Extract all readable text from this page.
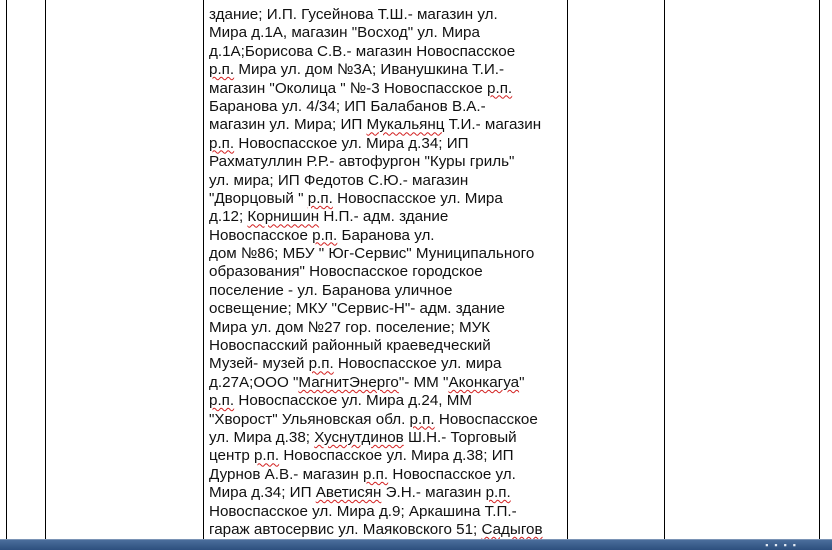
здание; И.П. Гусейнова Т.Ш.- магазин ул.
Мира д.1А, магазин "Восход" ул. Мира
д.1А;Борисова С.В.- магазин Новоспасское
р.п. Мира ул. дом №3А; Иванушкина Т.И.-
магазин "Околица " №-3 Новоспасское р.п.
Баранова ул. 4/34; ИП Балабанов В.А.-
магазин ул. Мира; ИП Мукальянц Т.И.- магазин
р.п. Новоспасское ул. Мира д.34; ИП
Рахматуллин Р.Р.- автофургон "Куры гриль"
ул. мира; ИП Федотов С.Ю.- магазин
"Дворцовый " р.п. Новоспасское ул. Мира
д.12; Корнишин Н.П.- адм. здание
Новоспасское р.п. Баранова ул.
дом №86; МБУ " Юг-Сервис" Муниципального
образования" Новоспасское городское
поселение - ул. Баранова уличное
освещение; МКУ "Сервис-Н"- адм. здание
Мира ул. дом №27 гор. поселение; МУК
Новоспасский районный краеведческий
Музей- музей р.п. Новоспасское ул. мира
д.27А;ООО "МагнитЭнерго"- ММ "Аконкагуа"
р.п. Новоспасское ул. Мира д.24, ММ
"Хворост" Ульяновская обл. р.п. Новоспасское
ул. Мира д.38; Хуснутдинов Ш.Н.- Торговый
центр р.п. Новоспасское ул. Мира д.38; ИП
Дурнов А.В.- магазин р.п. Новоспасское ул.
Мира д.34; ИП Аветисян Э.Н.- магазин р.п.
Новоспасское ул. Мира д.9; Аркашина Т.П.-
гараж автосервис ул. Маяковского 51; Садыгов
▪▪▪▪
